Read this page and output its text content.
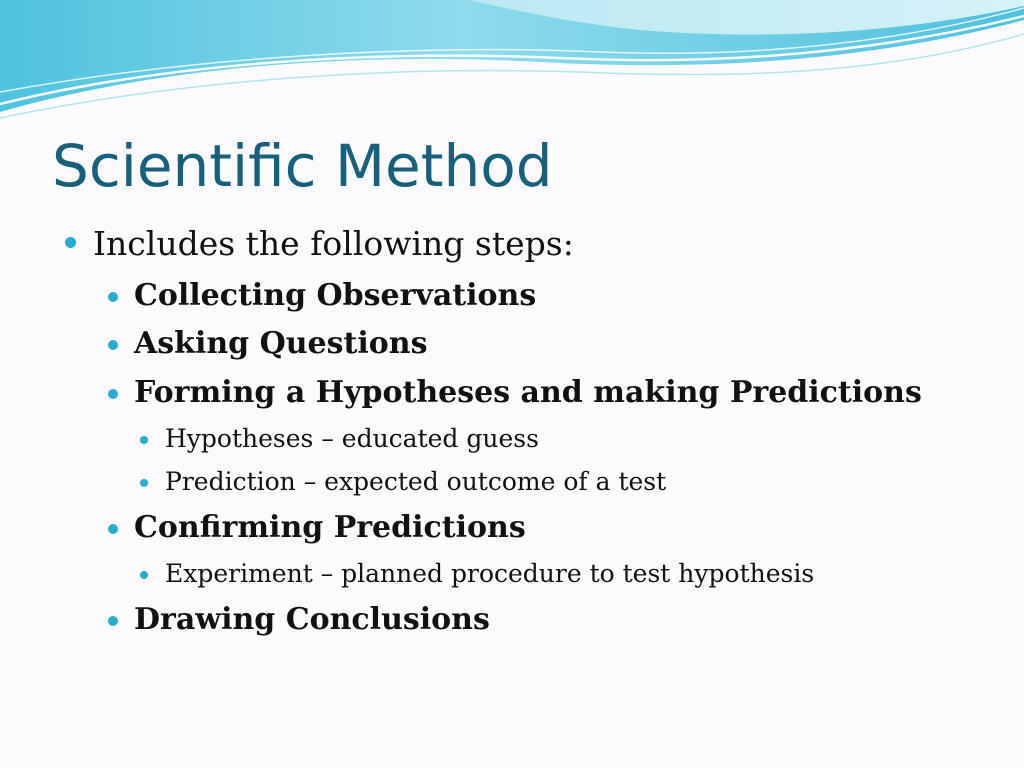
Scientific Method
Includes the following steps:
Collecting Observations
Asking Questions
Forming a Hypotheses and making Predictions
Hypotheses – educated guess
Prediction – expected outcome of a test
Confirming Predictions
Experiment – planned procedure to test hypothesis
Drawing Conclusions
